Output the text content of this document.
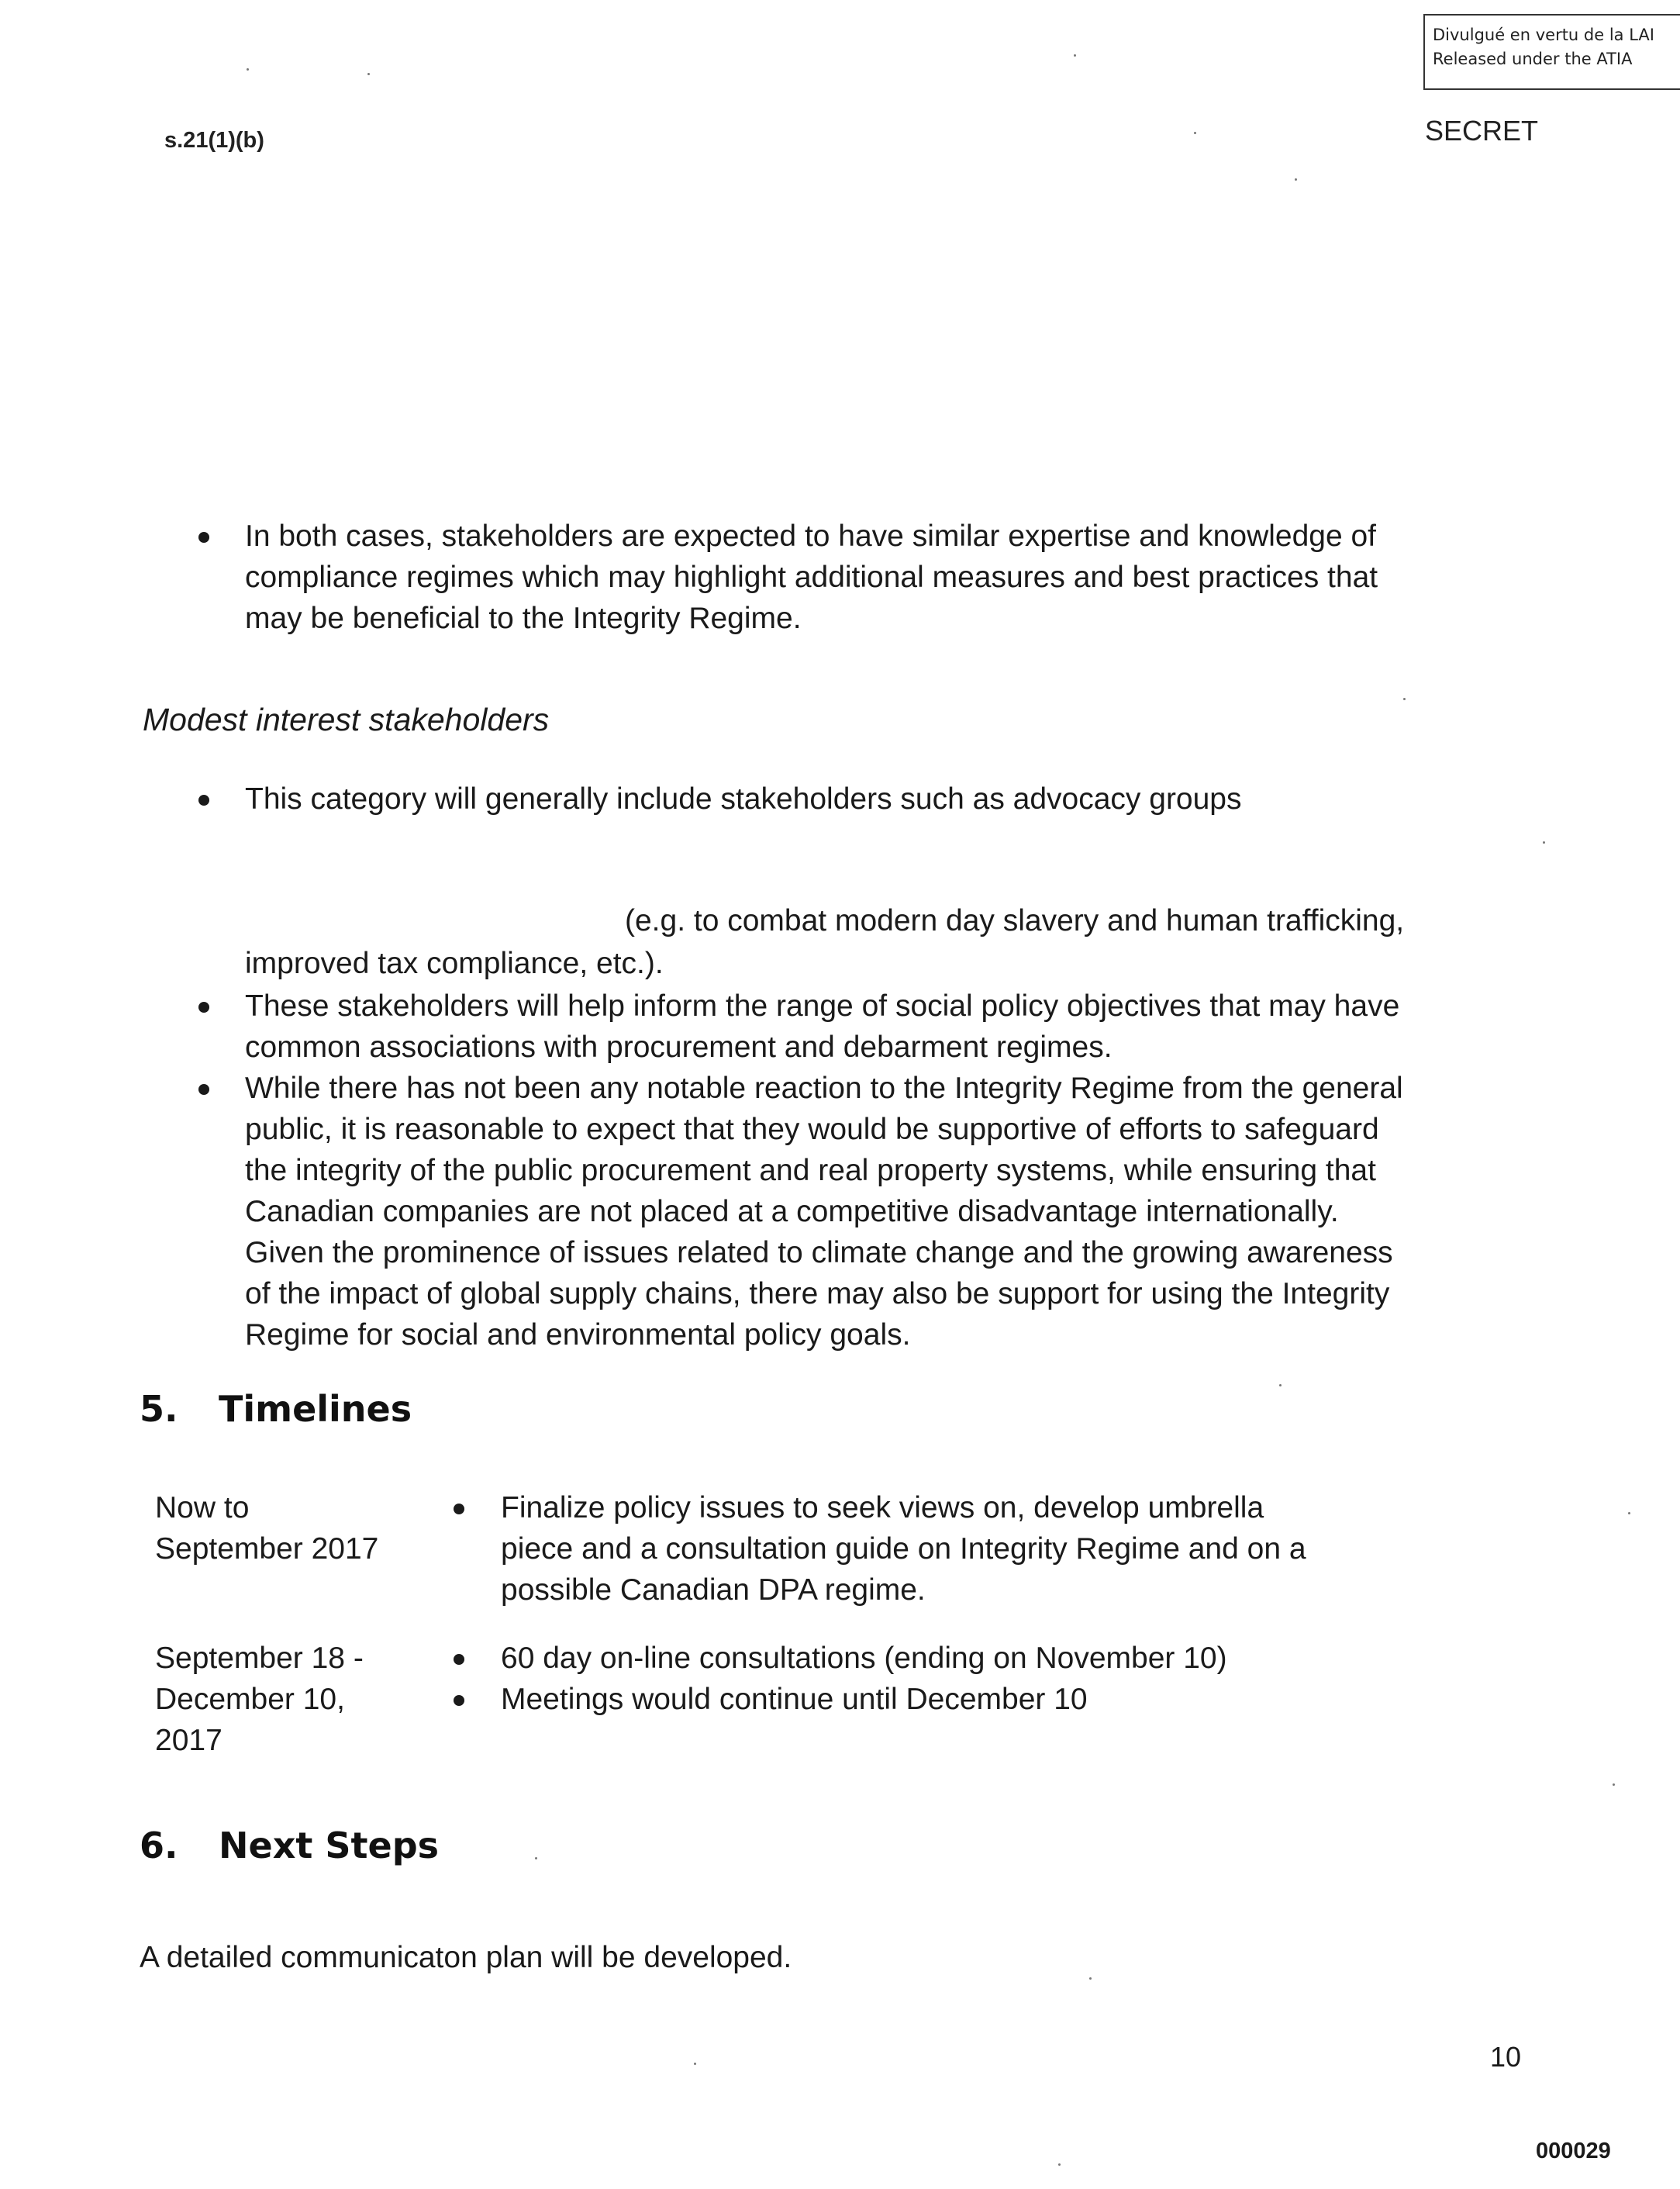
Divulgué en vertu de la LAI
Released under the ATIA
s.21(1)(b)	SECRET
In both cases, stakeholders are expected to have similar expertise and knowledge of
compliance regimes which may highlight additional measures and best practices that
may be beneficial to the Integrity Regime.
Modest interest stakeholders
This category will generally include stakeholders such as advocacy groups
(e.g. to combat modern day slavery and human trafficking,
improved tax compliance, etc.).
These stakeholders will help inform the range of social policy objectives that may have
common associations with procurement and debarment regimes.
While there has not been any notable reaction to the Integrity Regime from the general
public, it is reasonable to expect that they would be supportive of efforts to safeguard
the integrity of the public procurement and real property systems, while ensuring that
Canadian companies are not placed at a competitive disadvantage internationally.
Given the prominence of issues related to climate change and the growing awareness
of the impact of global supply chains, there may also be support for using the Integrity
Regime for social and environmental policy goals.
5. Timelines
Now to
September 2017
Finalize policy issues to seek views on, develop umbrella
piece and a consultation guide on Integrity Regime and on a
possible Canadian DPA regime.
September 18 -
December 10,
2017
60 day on-line consultations (ending on November 10)
Meetings would continue until December 10
6. Next Steps
A detailed communicaton plan will be developed.
10
000029
